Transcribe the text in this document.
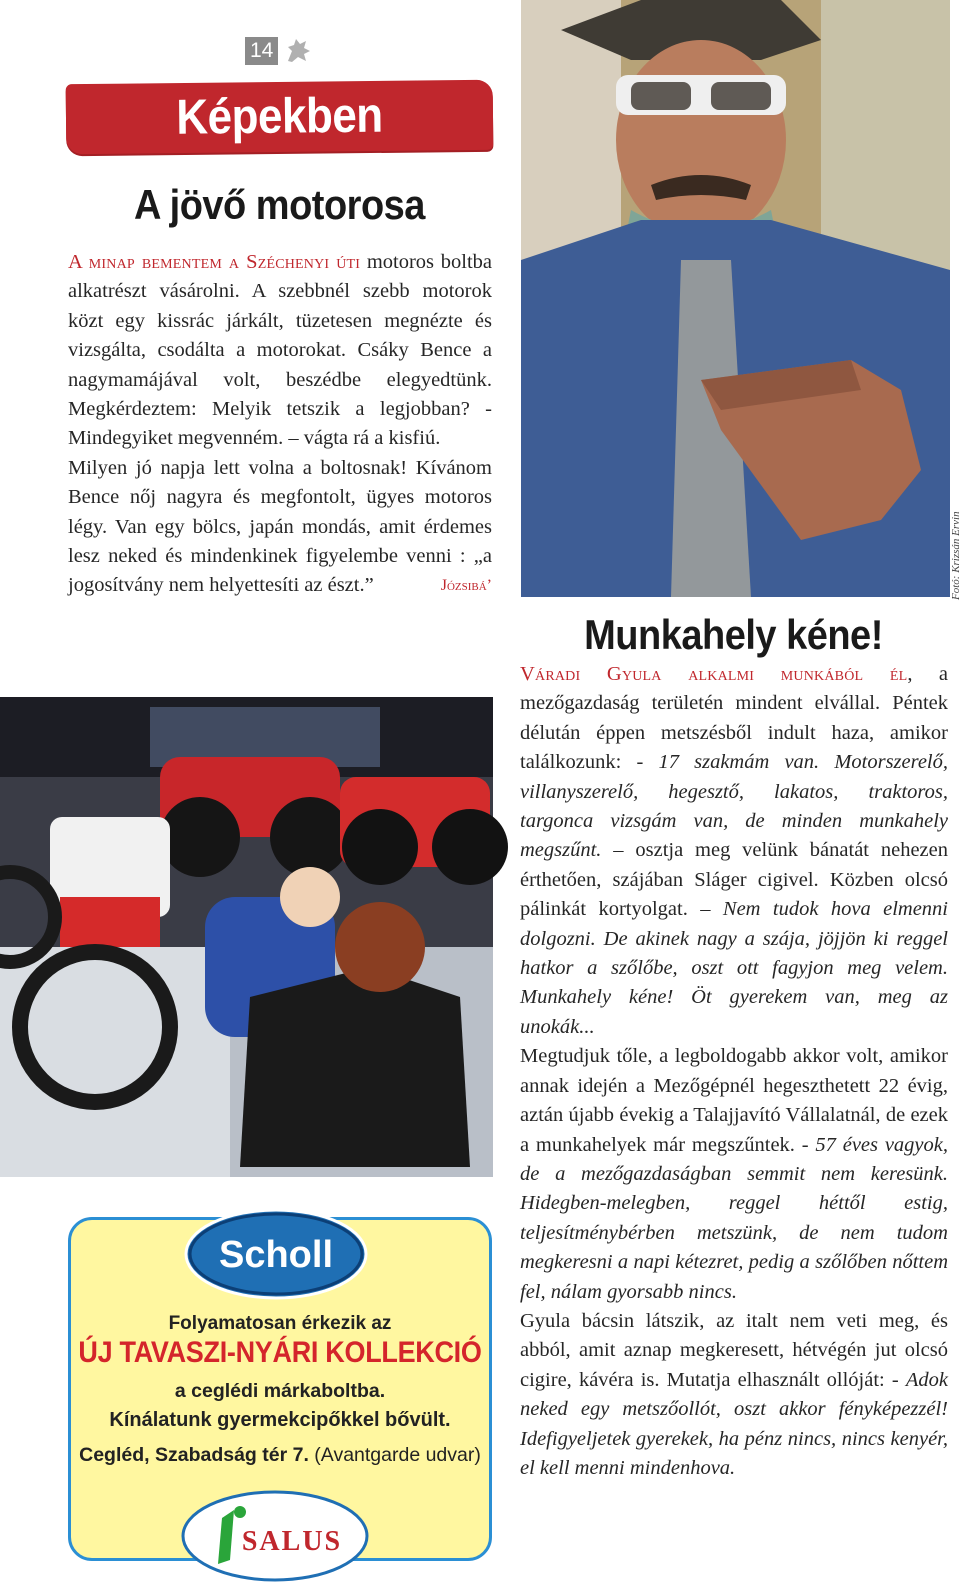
14
Képekben
A jövő motorosa

A minap bementem a Széchenyi úti motoros boltba alkatrészt vásárolni. A szebbnél szebb motorok közt egy kissrác járkált, tüzetesen megnézte és vizsgálta, csodálta a motorokat. Csáky Bence a nagymamájával volt, beszédbe elegyedtünk. Megkérdeztem: Melyik tetszik a legjobban? - Mindegyiket megvenném. – vágta rá a kisfiú.

Milyen jó napja lett volna a boltosnak! Kívánom Bence nőj nagyra és megfontolt, ügyes motoros légy. Van egy bölcs, japán mondás, amit érdemes lesz neked és mindenkinek figyelembe venni : „a jogosítvány nem helyettesíti az észt.”	Józsibá’	Fotó: Krizsán Ervin
Munkahely kéne!

Váradi Gyula alkalmi munkából él, a mezőgazdaság területén mindent elvállal. Péntek délután éppen metszésből indult haza, amikor találkozunk: - 17 szakmám van. Motorszerelő, villanyszerelő, hegesztő, lakatos, traktoros, targonca vizsgám van, de minden munkahely megszűnt. – osztja meg velünk bánatát nehezen érthetően, szájában Sláger cigivel. Közben olcsó pálinkát kortyolgat. – Nem tudok hova elmenni dolgozni. De akinek nagy a szája, jöjjön ki reggel hatkor a szőlőbe, oszt ott fagyjon meg velem. Munkahely kéne! Öt gyerekem van, meg az unokák...

Megtudjuk tőle, a legboldogabb akkor volt, amikor annak idején a Mezőgépnél hegeszthetett 22 évig, aztán újabb évekig a Talajjavító Vállalatnál, de ezek a munkahelyek már megszűntek. - 57 éves vagyok, de a mezőgazdaságban semmit nem keresünk. Hidegben-melegben, reggel héttől estig, teljesítménybérben metszünk, de nem tudom megkeresni a napi kétezret, pedig a szőlőben nőttem fel, nálam gyorsabb nincs.

Gyula bácsin látszik, az italt nem veti meg, és abból, amit aznap megkeresett, hétvégén jut olcsó cigire, kávéra is. Mutatja elhasznált ollóját: - Adok neked egy metszőollót, oszt akkor fényképezzél! Idefigyeljetek gyerekek, ha pénz nincs, nincs kenyér, el kell menni mindenhova.

Scholl
Folyamatosan érkezik az
ÚJ TAVASZI-NYÁRI KOLLEKCIÓ
a ceglédi márkaboltba.
Kínálatunk gyermekcipőkkel bővült.
Cegléd, Szabadság tér 7. (Avantgarde udvar)
SALUS
